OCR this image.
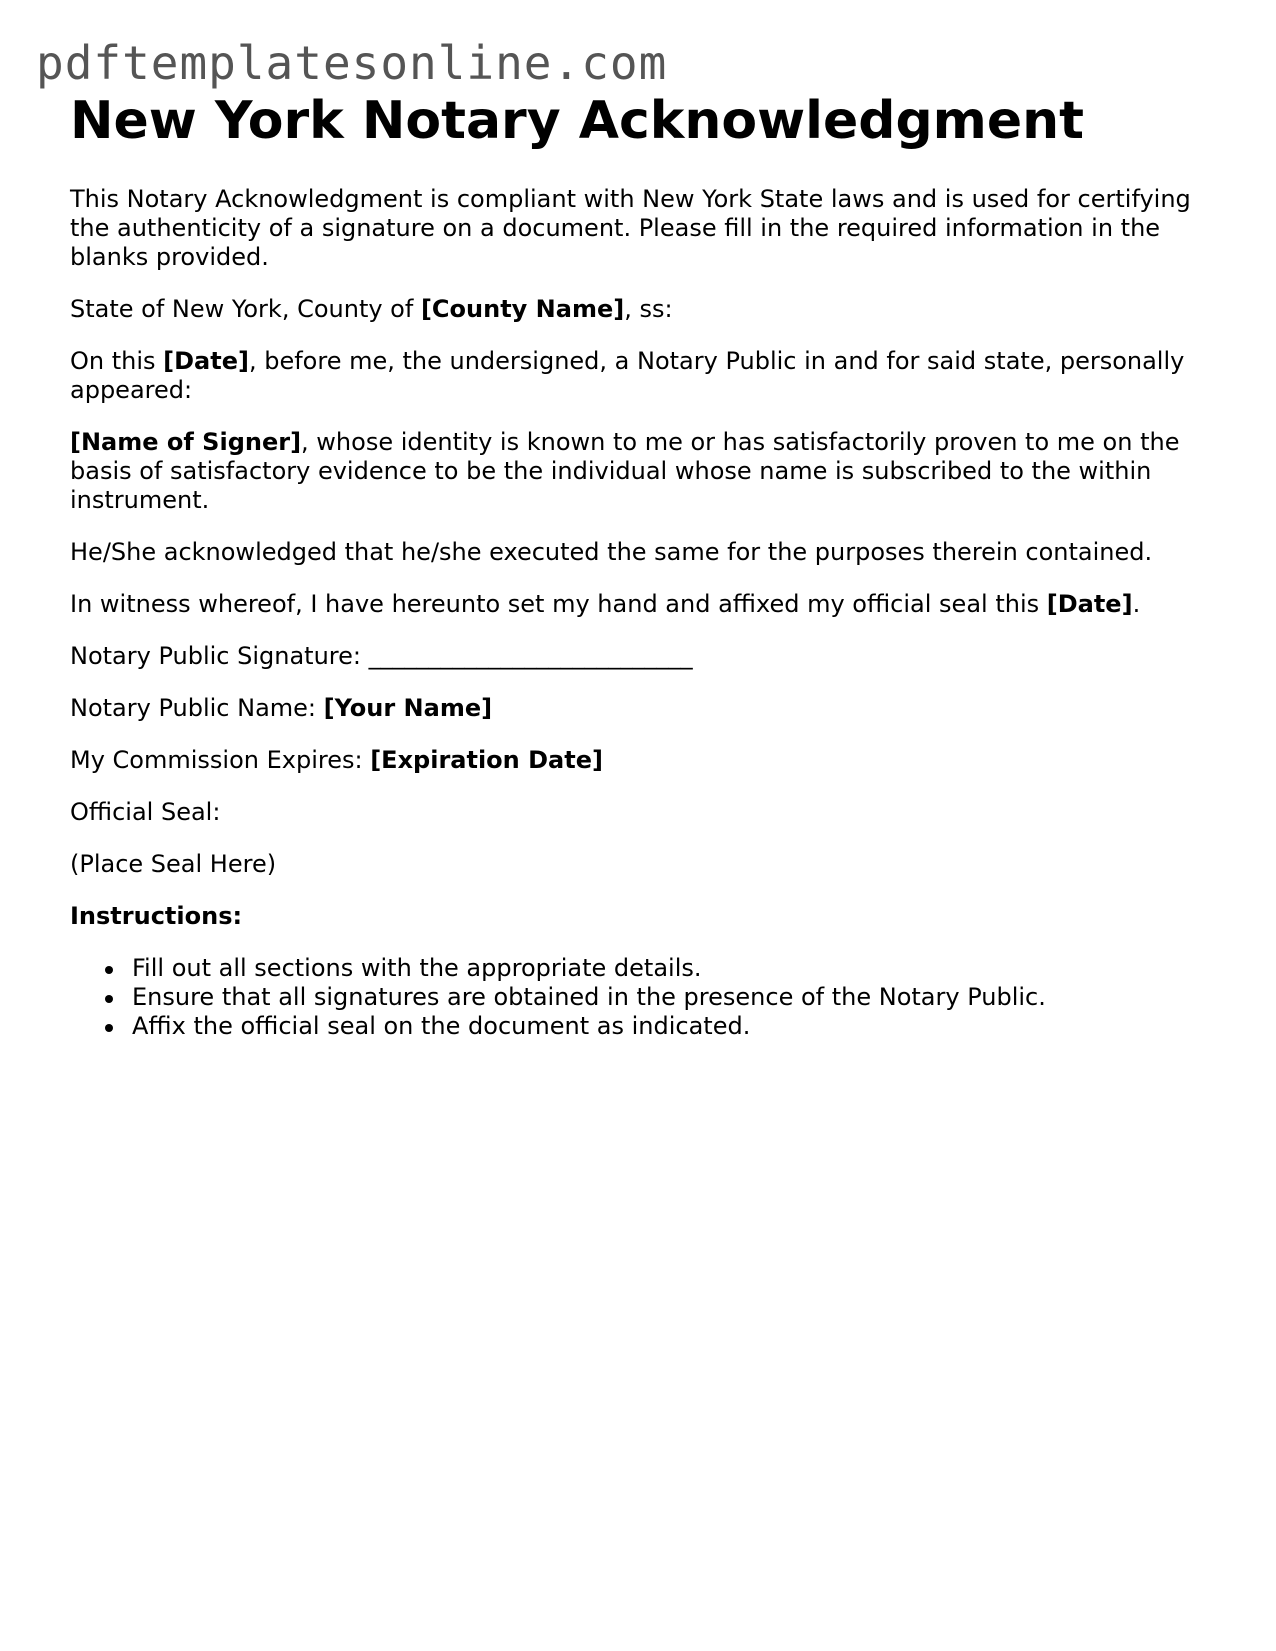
pdftemplatesonline.com
New York Notary Acknowledgment

This Notary Acknowledgment is compliant with New York State laws and is used for certifying the authenticity of a signature on a document. Please fill in the required information in the blanks provided.

State of New York, County of [County Name], ss:

On this [Date], before me, the undersigned, a Notary Public in and for said state, personally appeared:

[Name of Signer], whose identity is known to me or has satisfactorily proven to me on the basis of satisfactory evidence to be the individual whose name is subscribed to the within instrument.

He/She acknowledged that he/she executed the same for the purposes therein contained.

In witness whereof, I have hereunto set my hand and affixed my official seal this [Date].

Notary Public Signature: ___________________________

Notary Public Name: [Your Name]

My Commission Expires: [Expiration Date]

Official Seal:

(Place Seal Here)

Instructions:

Fill out all sections with the appropriate details.
Ensure that all signatures are obtained in the presence of the Notary Public.
Affix the official seal on the document as indicated.
